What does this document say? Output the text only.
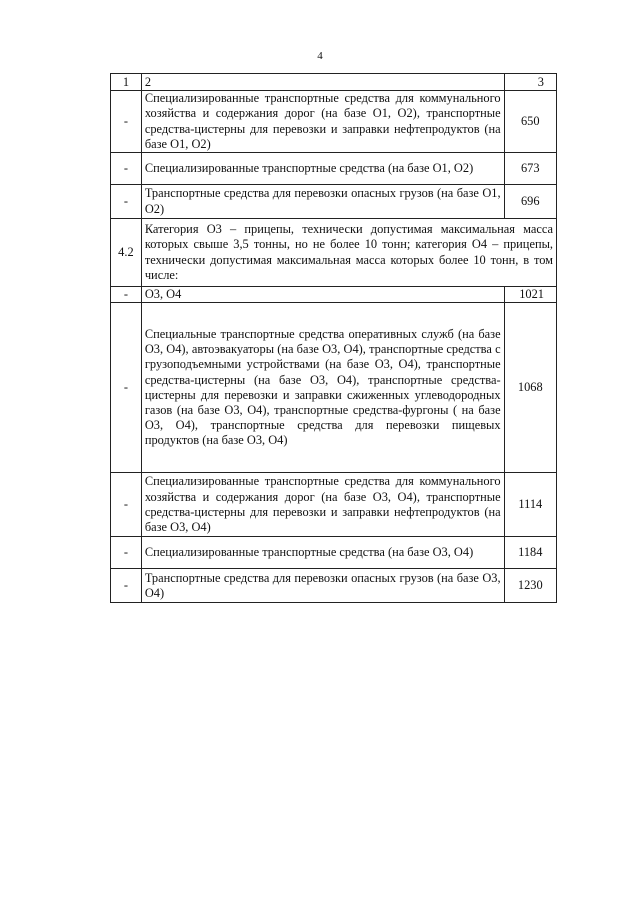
4
1	2	3
-	Специализированные транспортные средства для коммунального хозяйства и содержания дорог (на базе О1, О2), транспортные средства-цистерны для перевозки и заправки нефтепродуктов (на базе О1, О2)	650
-	Специализированные транспортные средства (на базе О1, О2)	673
-	Транспортные средства для перевозки опасных грузов (на базе О1, О2)	696
4.2	Категория О3 – прицепы, технически допустимая максимальная масса которых свыше 3,5 тонны, но не более 10 тонн; категория О4 – прицепы, технически допустимая максимальная масса которых более 10 тонн, в том числе:	
-	О3, О4	1021
-	Специальные транспортные средства оперативных служб (на базе О3, О4), автоэвакуаторы (на базе О3, О4), транспортные средства с грузоподъемными устройствами (на базе О3, О4), транспортные средства-цистерны (на базе О3, О4), транспортные средства-цистерны для перевозки и заправки сжиженных углеводородных газов (на базе О3, О4), транспортные средства-фургоны ( на базе О3, О4), транспортные средства для перевозки пищевых продуктов (на базе О3, О4)	1068
-	Специализированные транспортные средства для коммунального хозяйства и содержания дорог (на базе О3, О4), транспортные средства-цистерны для перевозки и заправки нефтепродуктов (на базе О3, О4)	1114
-	Специализированные транспортные средства (на базе О3, О4)	1184
-	Транспортные средства для перевозки опасных грузов (на базе О3, О4)	1230
